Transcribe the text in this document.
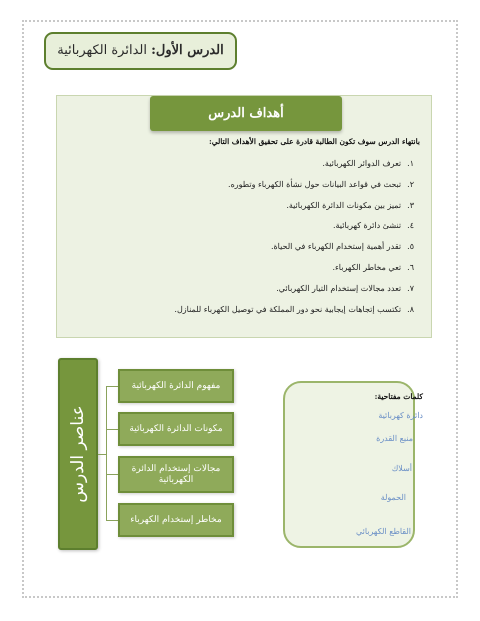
الدرس الأول: الدائرة الكهربائية
أهداف الدرس
بانتهاء الدرس سوف تكون الطالبة قادرة على تحقيق الأهداف التالي:
١.تعرف الدوائر الكهربائية.
٢.تبحث في قواعد البيانات حول نشأة الكهرباء وتطوره.
٣.تميز بين مكونات الدائرة الكهربائية.
٤.تنشئ دائرة كهربائية.
٥.تقدر أهمية إستخدام الكهرباء في الحياة.
٦.تعي مخاطر الكهرباء.
٧.تعدد مجالات إستخدام التيار الكهربائي.
٨.تكتسب إتجاهات إيجابية نحو دور المملكة في توصيل الكهرباء للمنازل.
عناصر الدرس
مفهوم الدائرة الكهربائية
مكونات الدائرة الكهربائية
مجالات إستخدام الدائرة الكهربائية
مخاطر إستخدام الكهرباء
كلمات مفتاحية:
دائرة كهربائية
منبع القدرة
أسلاك
الحمولة
القاطع الكهربائي
